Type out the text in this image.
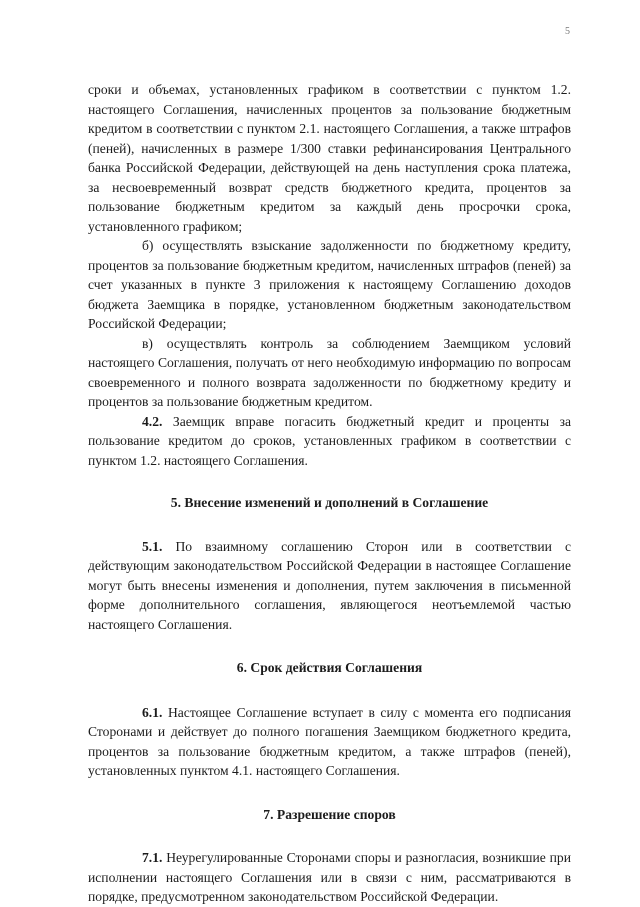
5

сроки и объемах, установленных графиком в соответствии с пунктом 1.2. настоящего Соглашения, начисленных процентов за пользование бюджетным кредитом в соответствии с пунктом 2.1. настоящего Соглашения, а также штрафов (пеней), начисленных в размере 1/300 ставки рефинансирования Центрального банка Российской Федерации, действующей на день наступления срока платежа, за несвоевременный возврат средств бюджетного кредита, процентов за пользование бюджетным кредитом за каждый день просрочки срока, установленного графиком;

б) осуществлять взыскание задолженности по бюджетному кредиту, процентов за пользование бюджетным кредитом, начисленных штрафов (пеней) за счет указанных в пункте 3 приложения к настоящему Соглашению доходов бюджета Заемщика в порядке, установленном бюджетным законодательством Российской Федерации;

в) осуществлять контроль за соблюдением Заемщиком условий настоящего Соглашения, получать от него необходимую информацию по вопросам своевременного и полного возврата задолженности по бюджетному кредиту и процентов за пользование бюджетным кредитом.

4.2. Заемщик вправе погасить бюджетный кредит и проценты за пользование кредитом до сроков, установленных графиком в соответствии с пунктом 1.2. настоящего Соглашения.

5. Внесение изменений и дополнений в Соглашение

5.1. По взаимному соглашению Сторон или в соответствии с действующим законодательством Российской Федерации в настоящее Соглашение могут быть внесены изменения и дополнения, путем заключения в письменной форме дополнительного соглашения, являющегося неотъемлемой частью настоящего Соглашения.

6. Срок действия Соглашения

6.1. Настоящее Соглашение вступает в силу с момента его подписания Сторонами и действует до полного погашения Заемщиком бюджетного кредита, процентов за пользование бюджетным кредитом, а также штрафов (пеней), установленных пунктом 4.1. настоящего Соглашения.

7. Разрешение споров

7.1. Неурегулированные Сторонами споры и разногласия, возникшие при исполнении настоящего Соглашения или в связи с ним, рассматриваются в порядке, предусмотренном законодательством Российской Федерации.
